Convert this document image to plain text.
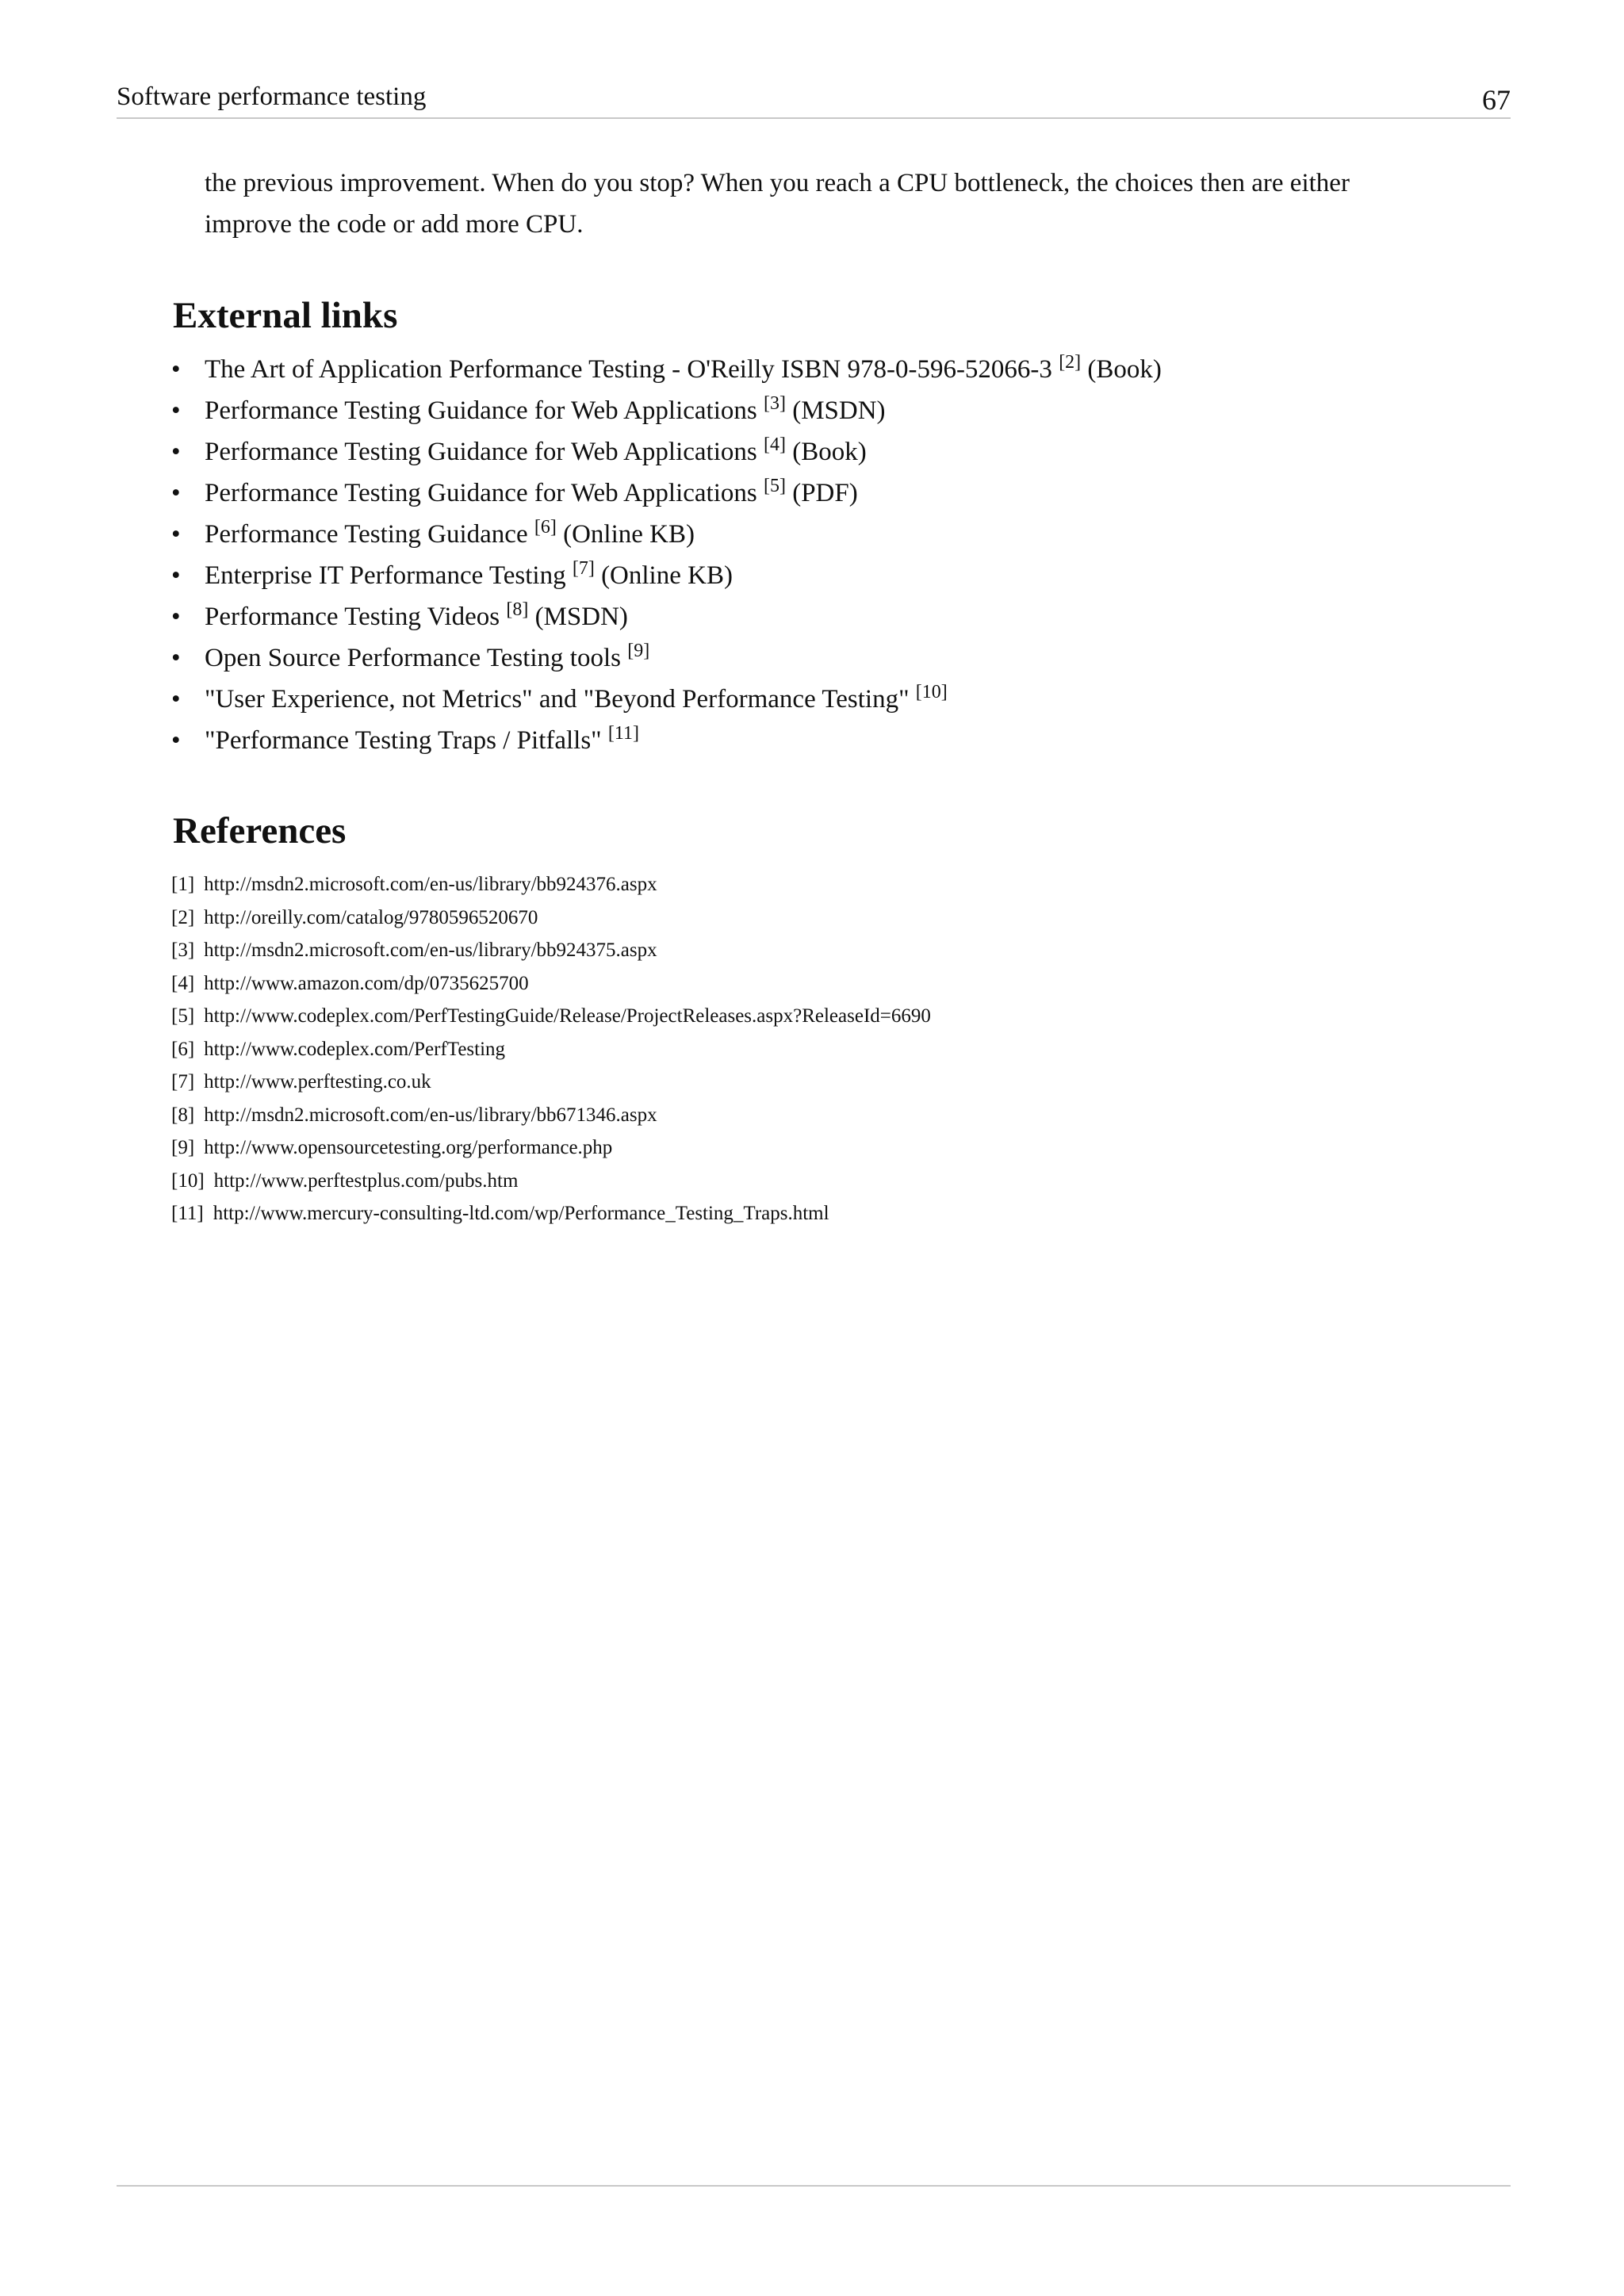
Software performance testing	67

the previous improvement. When do you stop? When you reach a CPU bottleneck, the choices then are either

improve the code or add more CPU.

External links
• The Art of Application Performance Testing - O'Reilly ISBN 978-0-596-52066-3 [2] (Book)
• Performance Testing Guidance for Web Applications [3] (MSDN)
• Performance Testing Guidance for Web Applications [4] (Book)
• Performance Testing Guidance for Web Applications [5] (PDF)
• Performance Testing Guidance [6] (Online KB)
• Enterprise IT Performance Testing [7] (Online KB)
• Performance Testing Videos [8] (MSDN)
• Open Source Performance Testing tools [9]
• "User Experience, not Metrics" and "Beyond Performance Testing" [10]
• "Performance Testing Traps / Pitfalls" [11]
References
[1] http://msdn2.microsoft.com/en-us/library/bb924376.aspx
[2] http://oreilly.com/catalog/9780596520670
[3] http://msdn2.microsoft.com/en-us/library/bb924375.aspx
[4] http://www.amazon.com/dp/0735625700
[5] http://www.codeplex.com/PerfTestingGuide/Release/ProjectReleases.aspx?ReleaseId=6690
[6] http://www.codeplex.com/PerfTesting
[7] http://www.perftesting.co.uk
[8] http://msdn2.microsoft.com/en-us/library/bb671346.aspx
[9] http://www.opensourcetesting.org/performance.php
[10] http://www.perftestplus.com/pubs.htm
[11] http://www.mercury-consulting-ltd.com/wp/Performance_Testing_Traps.html
